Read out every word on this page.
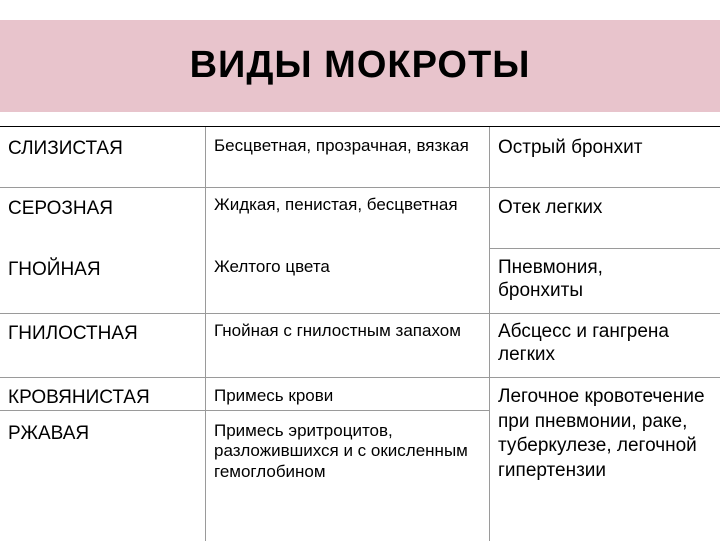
ВИДЫ МОКРОТЫ
СЛИЗИСТАЯ
СЕРОЗНАЯ
ГНОЙНАЯ
ГНИЛОСТНАЯ
КРОВЯНИСТАЯ
РЖАВАЯ
Бесцветная, прозрачная, вязкая
Жидкая, пенистая, бесцветная
Желтого цвета
Гнойная с гнилостным запахом
Примесь крови
Примесь эритроцитов, разложившихся и с окисленным гемоглобином
Острый бронхит
Отек легких
Пневмония, бронхиты
Абсцесс и гангрена легких
Легочное кровотечение при пневмонии, раке, туберкулезе, легочной гипертензии
